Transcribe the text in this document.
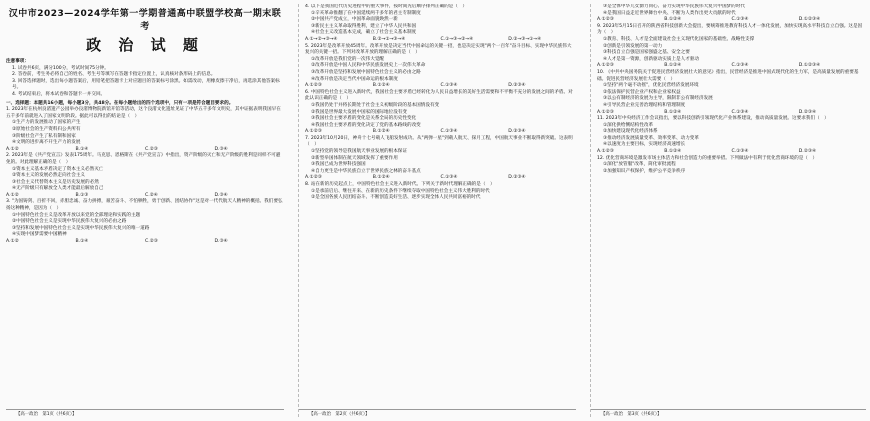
汉中市2023—2024学年第一学期普通高中联盟学校高一期末联考
政 治 试 题

注意事项：

1. 试卷共6页，满分100分，考试时间75分钟。

2. 答卷前，考生务必将自己的姓名、考生号等填写在答题卡指定位置上，认真核对条形码上的信息。

3. 回答选择题时，选出每小题答案后，用铅笔把答题卡上对应题目的答案标号涂黑。如需改动，用橡皮擦干净后，再选涂其他答案标号。

4. 考试结束后，将本试卷和答题卡一并交回。

一、选择题：本题共16小题，每小题3分，共48分。在每小题给出的四个选项中，只有一项是符合题目要求的。

1. 2023年在杭州良渚遗产公园举办良渚博物院新馆开馆等活动，这个良渚文化遗址见证了中华五千多年文明史，其中证据表明我国早在五千多年前就进入了国家文明阶段。据此可以得出的结论是（　）

①生产力的发展推动了国家的产生

②原始社会的生产资料归公共所有

③阶级社会产生了私有制和国家

④文明的进步离不开生产力的发展

A.①②	B.①④	C.②③	D.③④

2. 2023年是《共产党宣言》发表175周年。马克思、恩格斯在《共产党宣言》中指出，资产阶级的灭亡和无产阶级的胜利是同样不可避免的。对此理解正确的是（　）

①资本主义基本矛盾决定了资本主义必然灭亡

②资本主义的发展必然走向社会主义

③社会主义代替资本主义是历史发展的必然

④无产阶级只有解放全人类才能最后解放自己

A.①②	B.①③	C.②④	D.③④

3. "为国铸剑、百折不回，赤胆忠诚、奋力拼搏，艰苦奋斗、不怕牺牲，勇于创新、团结协作"这是对一代代航天人精神的概括。我们要弘扬这种精神，是因为（　）

①中国特色社会主义是改革开放以来党的全部理论和实践的主题

②中国特色社会主义是实现中华民族伟大复兴的必由之路

③坚持和发展中国特色社会主义是实现中华民族伟大复兴的唯一道路

④实现中国梦需要中国精神

A.①②	B.①④	C.②③	D.③④
【高一政治　第1页（共6页）】

4. 以下是我国近代历史进程中的重大事件，按时间先后顺序排列正确的是（　）

①辛亥革命推翻了在中国延续两千多年的君主专制制度

②中国共产党成立，中国革命面貌焕然一新

③新民主主义革命取得胜利，建立了中华人民共和国

④社会主义改造基本完成，确立了社会主义基本制度

A.①→②→③→④	B.②→①→③→④	C.①→③→②→④	D.②→③→①→④

5. 2023年是改革开放45周年。改革开放是决定当代中国命运的关键一招，也是决定实现"两个一百年"奋斗目标、实现中华民族伟大复兴的关键一招。下列对改革开放的理解正确的是（　）

①改革开放是我们党的一次伟大觉醒

②改革开放是中国人民和中华民族发展史上一次伟大革命

③改革开放是坚持和发展中国特色社会主义的必由之路

④改革开放是决定当代中国命运的根本制度

A.①②③	B.①②④	C.①③④	D.②③④

6. 中国特色社会主义进入新时代，我国社会主要矛盾已经转化为人民日益增长的美好生活需要和不平衡不充分的发展之间的矛盾。对此认识正确的是（　）

①我国仍处于并将长期处于社会主义初级阶段的基本国情没有变

②我国是世界最大发展中国家的国际地位没有变

③我国社会主要矛盾的变化是关系全局的历史性变化

④我国社会主要矛盾的变化决定了党的基本路线的改变

A.①②③	B.①②④	C.①③④	D.②③④

7. 2023年10月20日，神舟十七号载人飞船发射成功。从"两弹一星"到载人航天、探月工程，中国航天事业不断取得新突破。这表明（　）

①坚持党的领导是我国航天事业发展的根本保证

②新型举国体制在航天领域发挥了重要作用

③我国已成为世界科技强国

④自力更生是中华民族自立于世界民族之林的奋斗基点

A.①②③	B.①②④	C.①③④	D.②③④

8. 站在新的历史起点上，中国特色社会主义进入新时代。下列关于新时代理解正确的是（　）

①是承前启后、继往开来、在新的历史条件下继续夺取中国特色社会主义伟大胜利的时代

②是全国各族人民团结奋斗、不断创造美好生活、逐步实现全体人民共同富裕的时代

【高一政治　第2页（共6页）】

③是全体中华儿女勠力同心、奋力实现中华民族伟大复兴中国梦的时代

④是我国日益走近世界舞台中央、不断为人类作出更大贡献的时代

A.①②③	B.①②④	C.①③④	D.①②③④

9. 2023年5月15日召开的陕西省科技创新大会提出，要统筹推进教育科技人才一体化发展，加快实现高水平科技自立自强。这是因为（　）

①教育、科技、人才是全面建设社会主义现代化国家的基础性、战略性支撑

②创新是引领发展的第一动力

③科技自立自强是国家强盛之基、安全之要

④人才是第一资源，创新驱动实质上是人才驱动

A.①②③	B.①②④	C.①③④	D.①②③④

10. 《中共中央国务院关于促进民营经济发展壮大的意见》指出，民营经济是推进中国式现代化的生力军，是高质量发展的重要基础。促进民营经济发展壮大需要（　）

①坚持"两个毫不动摇"，优化民营经济发展环境

②依法保护民营企业产权和企业家权益

③以公有制经济的发展为主导，限制非公有制经济发展

④引导民营企业完善治理结构和管理制度

A.①②③	B.①②④	C.①③④	D.②③④

11. 2023年中央经济工作会议指出，要以科技创新引领现代化产业体系建设，推动高质量发展。这要求我们（　）

①深化供给侧结构性改革

②加快建设现代化经济体系

③推动经济发展质量变革、效率变革、动力变革

④以速度为主要目标，实现经济高速增长

A.①②③	B.①②④	C.①③④	D.②③④

12. 优化营商环境是激发市场主体活力和社会创造力的重要举措。下列做法中有利于优化营商环境的是（　）

①深化"放管服"改革，简化审批流程

②加强知识产权保护，维护公平竞争秩序

【高一政治　第3页（共6页）】
